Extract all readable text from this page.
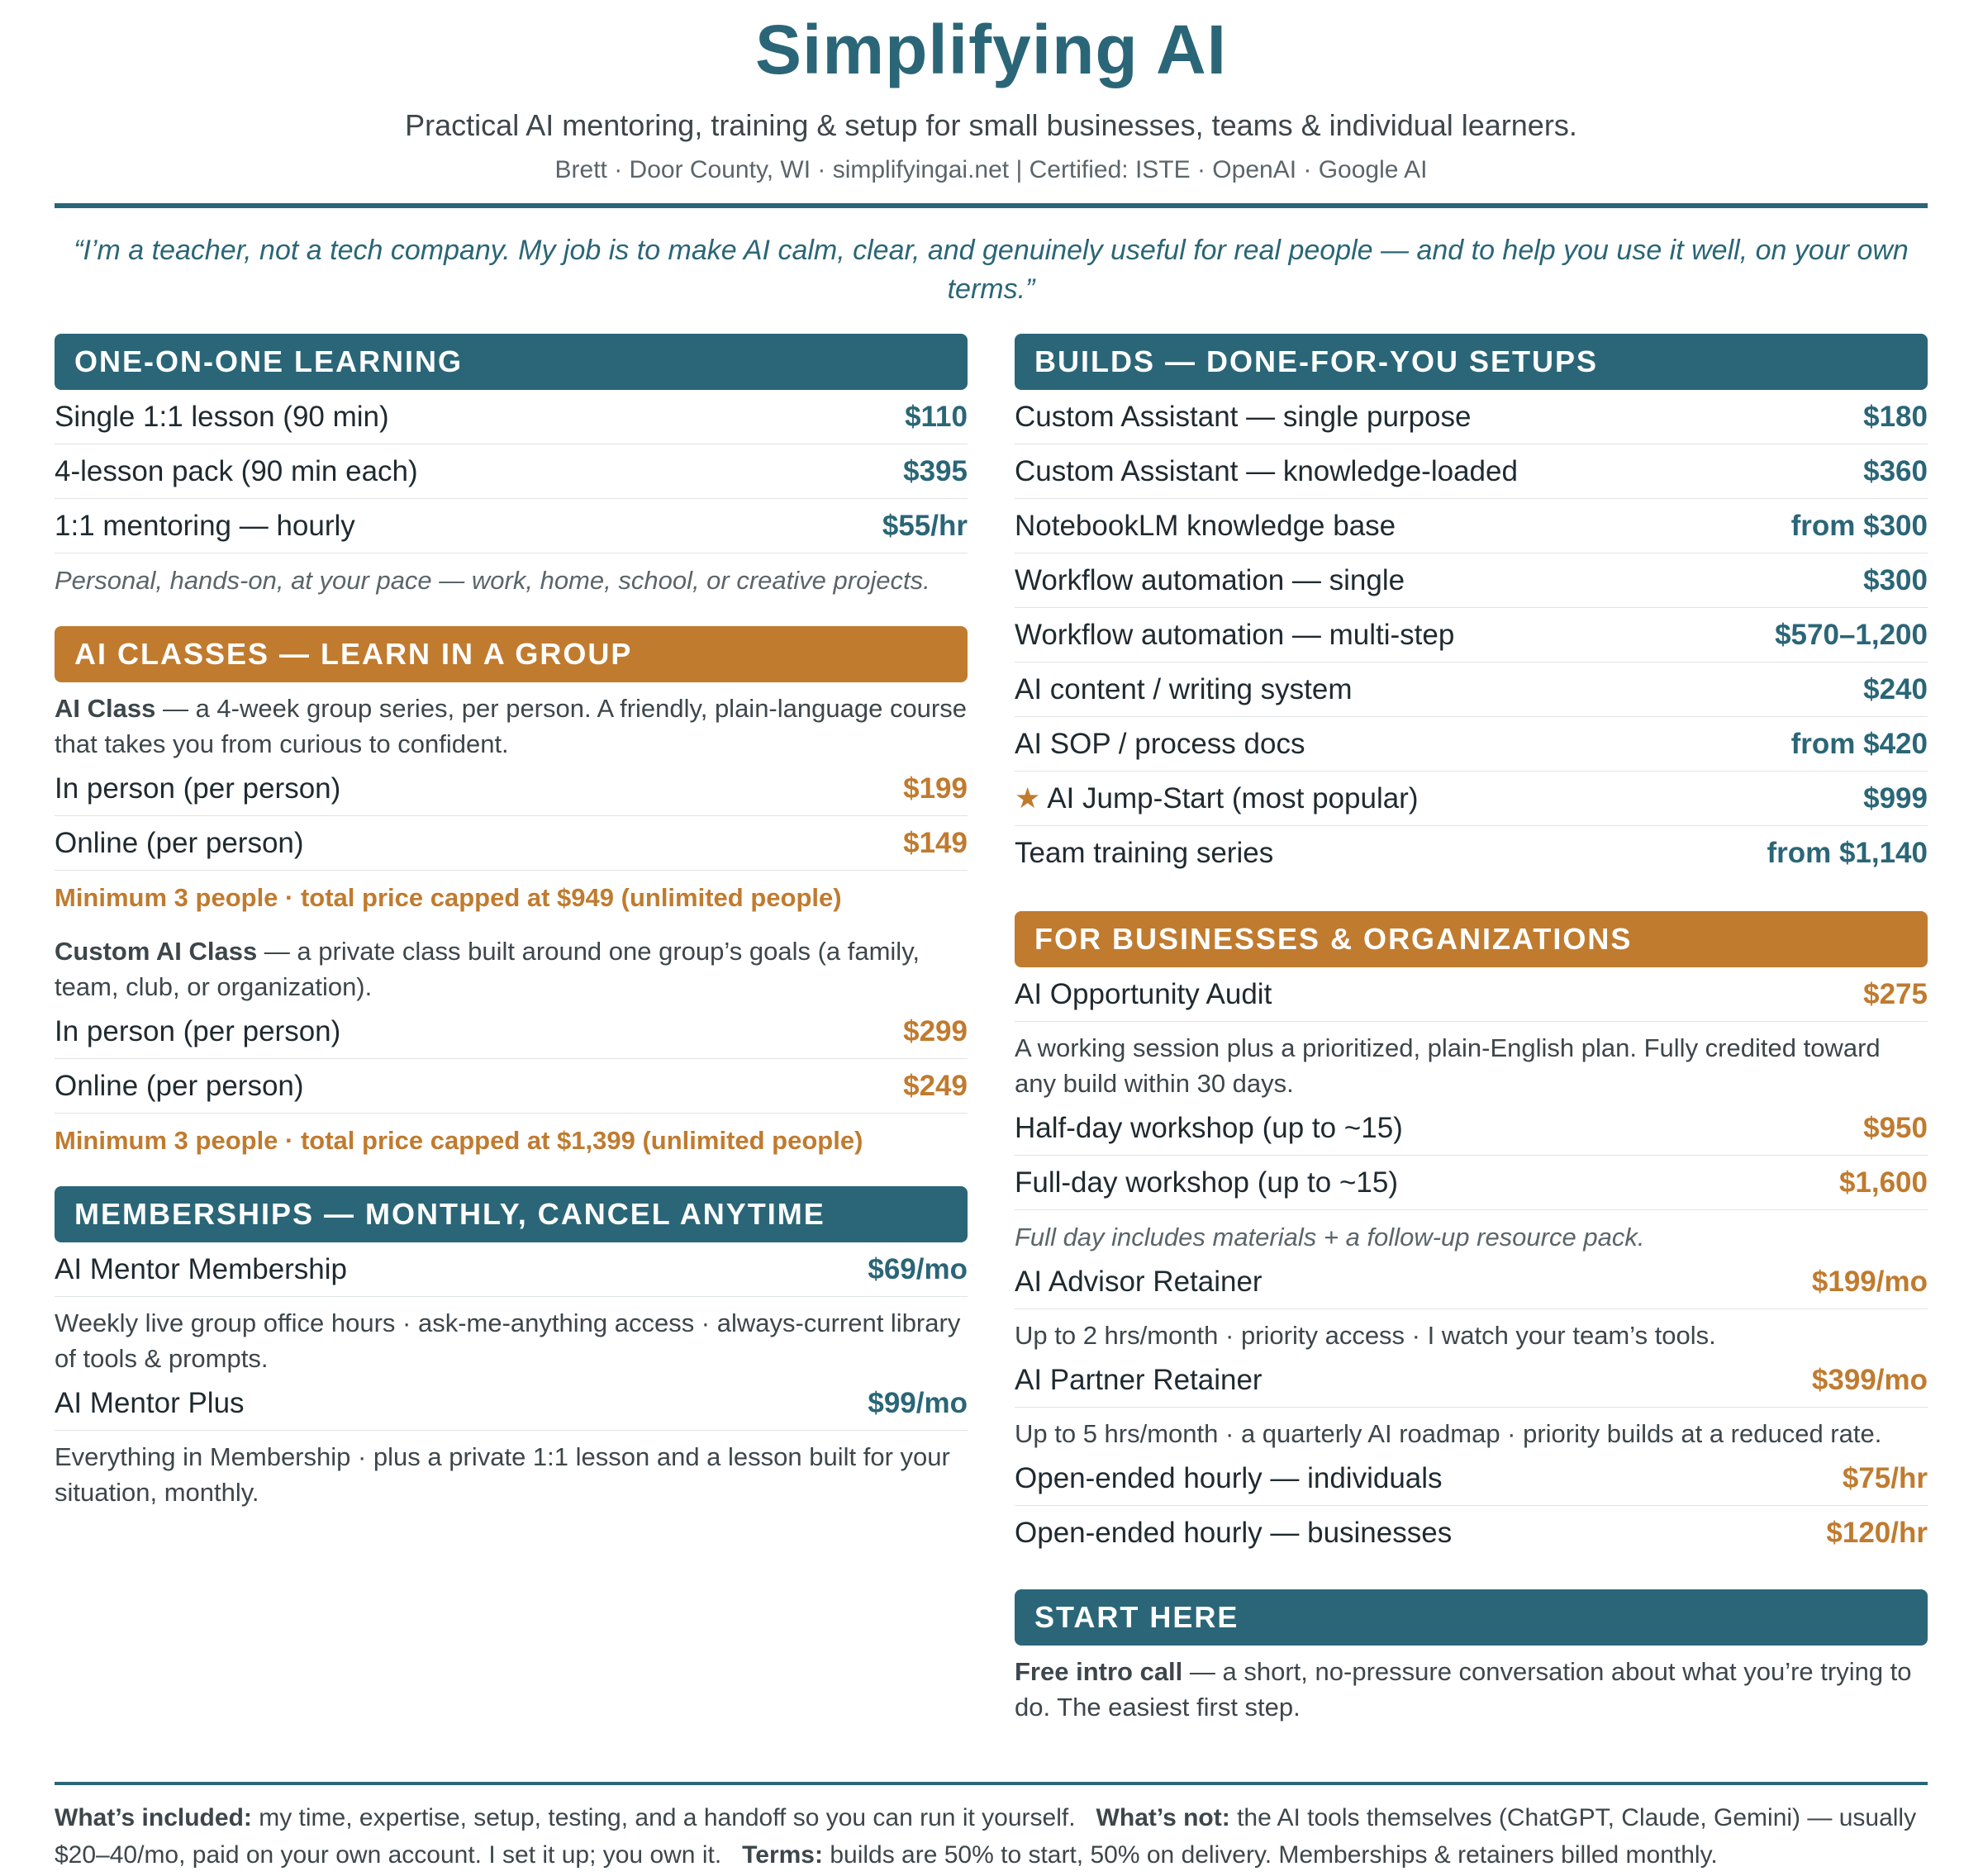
Simplifying AI
Practical AI mentoring, training & setup for small businesses, teams & individual learners.
Brett · Door County, WI · simplifyingai.net | Certified: ISTE · OpenAI · Google AI
“I’m a teacher, not a tech company. My job is to make AI calm, clear, and genuinely useful for real people — and to help you use it well, on your own terms.”
ONE-ON-ONE LEARNING
Single 1:1 lesson (90 min)	$110
4-lesson pack (90 min each)	$395
1:1 mentoring — hourly	$55/hr
Personal, hands-on, at your pace — work, home, school, or creative projects.
AI CLASSES — LEARN IN A GROUP
AI Class — a 4-week group series, per person. A friendly, plain-language course that takes you from curious to confident.
In person (per person)	$199
Online (per person)	$149
Minimum 3 people · total price capped at $949 (unlimited people)
Custom AI Class — a private class built around one group’s goals (a family, team, club, or organization).
In person (per person)	$299
Online (per person)	$249
Minimum 3 people · total price capped at $1,399 (unlimited people)
MEMBERSHIPS — MONTHLY, CANCEL ANYTIME
AI Mentor Membership	$69/mo
Weekly live group office hours · ask-me-anything access · always-current library of tools & prompts.
AI Mentor Plus	$99/mo
Everything in Membership · plus a private 1:1 lesson and a lesson built for your situation, monthly.
BUILDS — DONE-FOR-YOU SETUPS
Custom Assistant — single purpose	$180
Custom Assistant — knowledge-loaded	$360
NotebookLM knowledge base	from $300
Workflow automation — single	$300
Workflow automation — multi-step	$570–1,200
AI content / writing system	$240
AI SOP / process docs	from $420
★ AI Jump-Start (most popular)	$999
Team training series	from $1,140
FOR BUSINESSES & ORGANIZATIONS
AI Opportunity Audit	$275
A working session plus a prioritized, plain-English plan. Fully credited toward any build within 30 days.
Half-day workshop (up to ~15)	$950
Full-day workshop (up to ~15)	$1,600
Full day includes materials + a follow-up resource pack.
AI Advisor Retainer	$199/mo
Up to 2 hrs/month · priority access · I watch your team’s tools.
AI Partner Retainer	$399/mo
Up to 5 hrs/month · a quarterly AI roadmap · priority builds at a reduced rate.
Open-ended hourly — individuals	$75/hr
Open-ended hourly — businesses	$120/hr
START HERE
Free intro call — a short, no-pressure conversation about what you’re trying to do. The easiest first step.
What’s included: my time, expertise, setup, testing, and a handoff so you can run it yourself.   What’s not: the AI tools themselves (ChatGPT, Claude, Gemini) — usually $20–40/mo, paid on your own account. I set it up; you own it.   Terms: builds are 50% to start, 50% on delivery. Memberships & retainers billed monthly.
